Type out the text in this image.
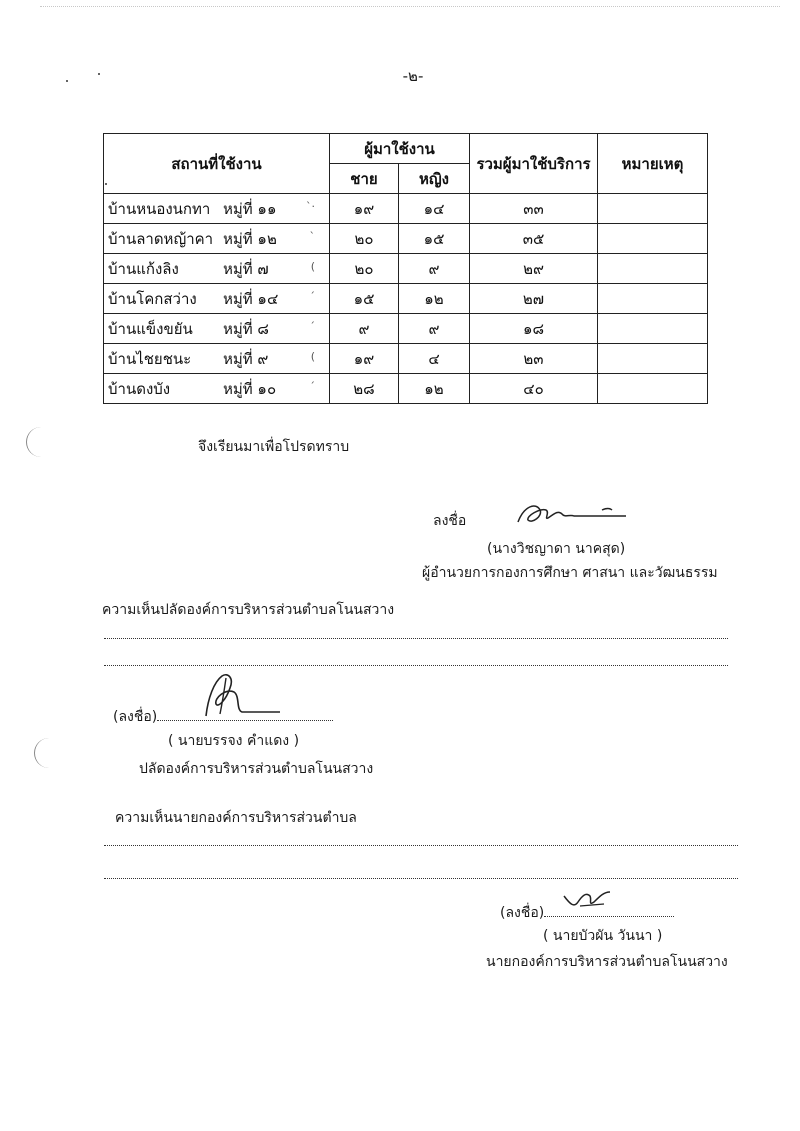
-๒-
สถานที่ใช้งาน	ผู้มาใช้งาน		รวมผู้มาใช้บริการ	หมายเหตุ
	ชาย	หญิง		
บ้านหนองนกทา หมู่ที่ ๑๑ `·	๑๙	๑๔	๓๓	
บ้านลาดหญ้าคา หมู่ที่ ๑๒ `	๒๐	๑๕	๓๕	
บ้านแก้งลิง หมู่ที่ ๗ (	๒๐	๙	๒๙	
บ้านโคกสว่าง หมู่ที่ ๑๔ ´	๑๕	๑๒	๒๗	
บ้านแข็งขยัน หมู่ที่ ๘ ´	๙	๙	๑๘	
บ้านไชยชนะ หมู่ที่ ๙ (	๑๙	๔	๒๓	
บ้านดงบัง หมู่ที่ ๑๐ ´	๒๘	๑๒	๔๐	
จึงเรียนมาเพื่อโปรดทราบ
ลงชื่อ
(นางวิชญาดา นาคสุด)
ผู้อำนวยการกองการศึกษา ศาสนา และวัฒนธรรม
ความเห็นปลัดองค์การบริหารส่วนตำบลโนนสวาง
(ลงชื่อ)
( นายบรรจง คำแดง )
ปลัดองค์การบริหารส่วนตำบลโนนสวาง
ความเห็นนายกองค์การบริหารส่วนตำบล
(ลงชื่อ)
( นายบัวผัน วันนา )
นายกองค์การบริหารส่วนตำบลโนนสวาง
